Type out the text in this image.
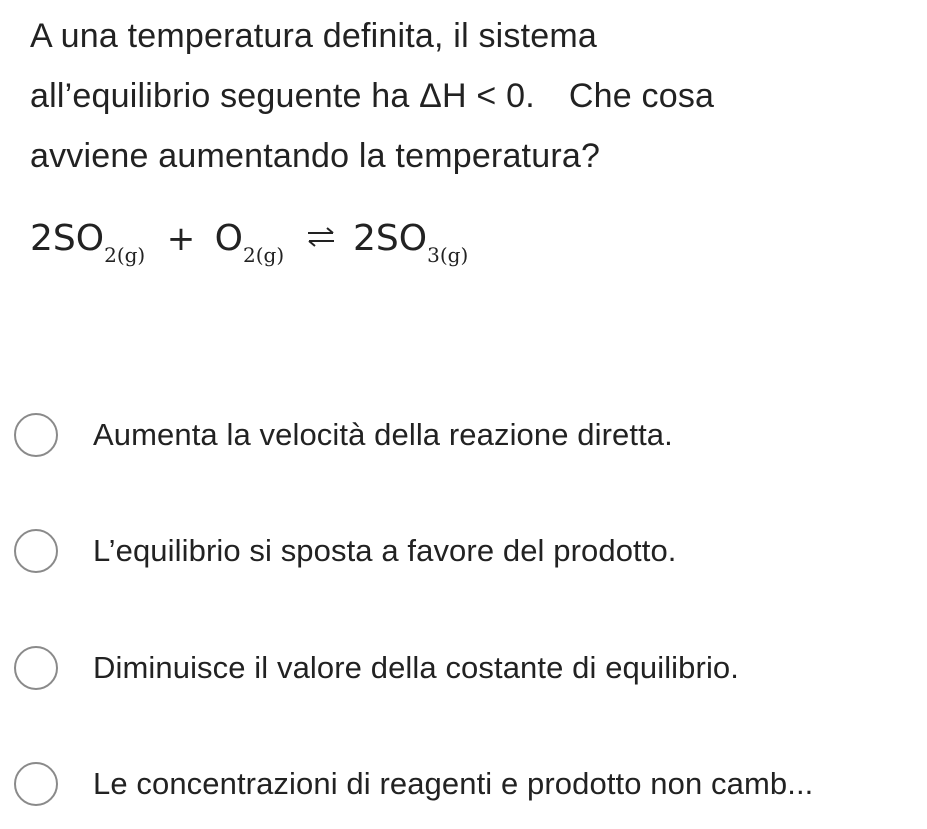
A una temperatura definita, il sistema
all’equilibrio seguente ha ΔH < 0. Che cosa
avviene aumentando la temperatura?
$2SO_{2(g)} + O_{2(g)}$ ⇌ $2SO_{3(g)}$
Aumenta la velocità della reazione diretta.
L’equilibrio si sposta a favore del prodotto.
Diminuisce il valore della costante di equilibrio.
Le concentrazioni di reagenti e prodotto non camb...
